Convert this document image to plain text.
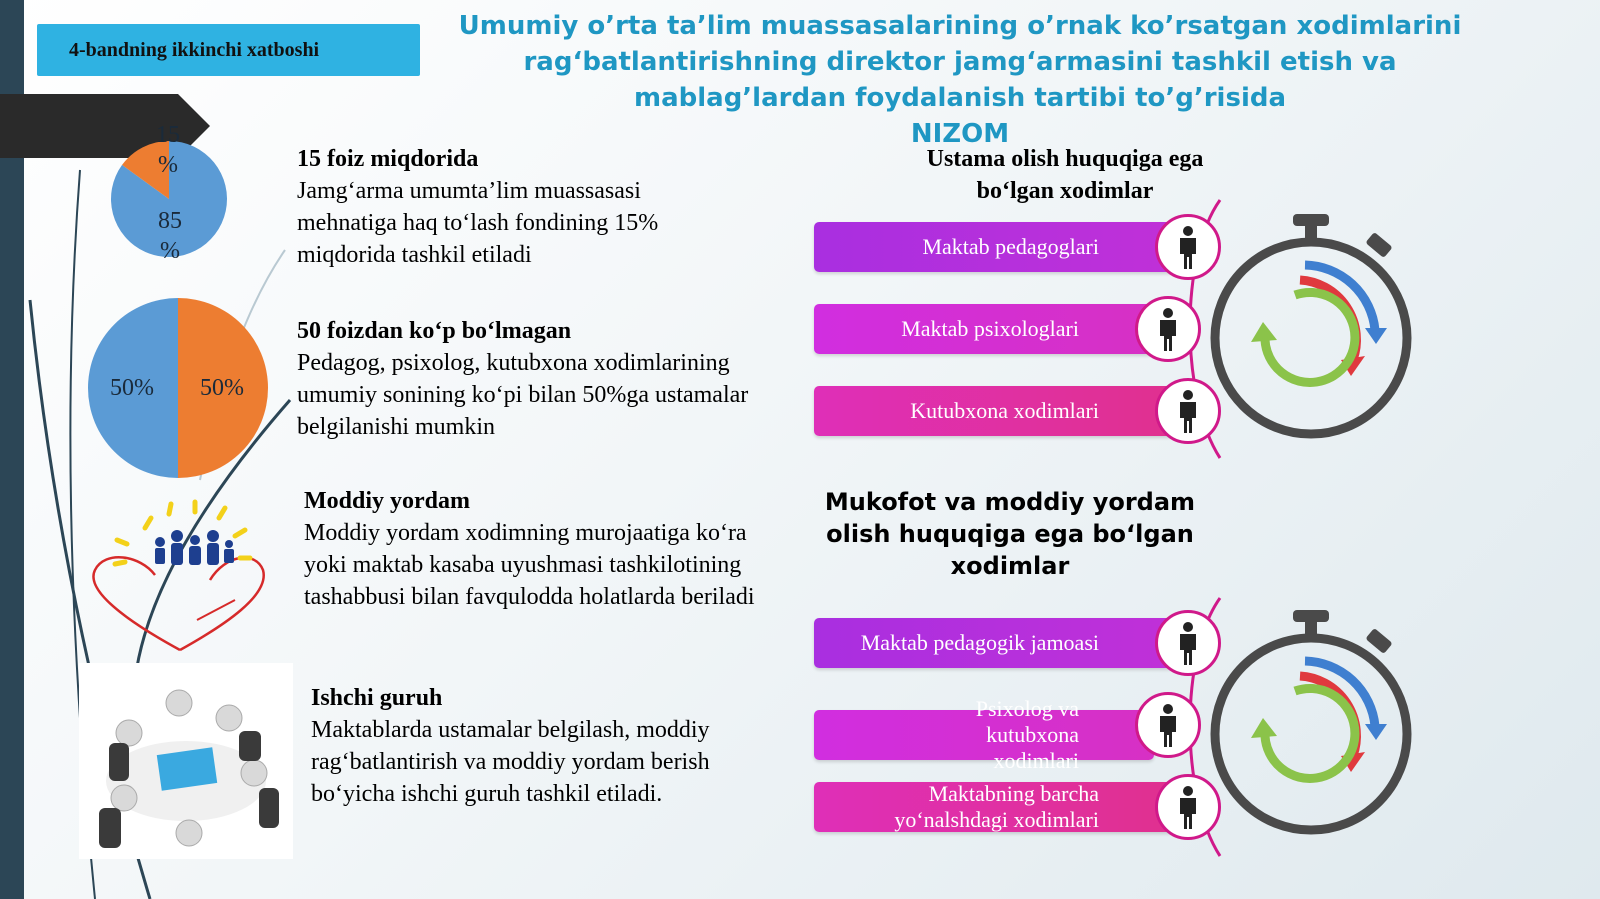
4-bandning ikkinchi xatboshi
Umumiy o’rta ta’lim muassasalarining o’rnak ko’rsatgan xodimlarini rag‘batlantirishning direktor jamg‘armasini tashkil etish va mablag’lardan foydalanish tartibi to’g’risida
NIZOM
15
%
85
%
50%	50%
15 foiz miqdorida
Jamg‘arma umumta’lim muassasasi mehnatiga haq to‘lash fondining 15% miqdorida tashkil etiladi
50 foizdan ko‘p bo‘lmagan
Pedagog, psixolog, kutubxona xodimlarining umumiy sonining ko‘pi bilan 50%ga ustamalar belgilanishi mumkin
Moddiy yordam
Moddiy yordam xodimning murojaatiga ko‘ra yoki maktab kasaba uyushmasi tashkilotining tashabbusi bilan favqulodda holatlarda beriladi
Ishchi guruh
Maktablarda ustamalar belgilash, moddiy rag‘batlantirish va moddiy yordam berish bo‘yicha ishchi guruh tashkil etiladi.
Ustama olish huquqiga ega bo‘lgan xodimlar
Maktab pedagoglari
Maktab psixologlari
Kutubxona xodimlari
Mukofot va moddiy yordam olish huquqiga ega bo‘lgan xodimlar
Maktab pedagogik jamoasi
Psixolog va kutubxona xodimlari
Maktabning barcha yo‘nalshdagi xodimlari
